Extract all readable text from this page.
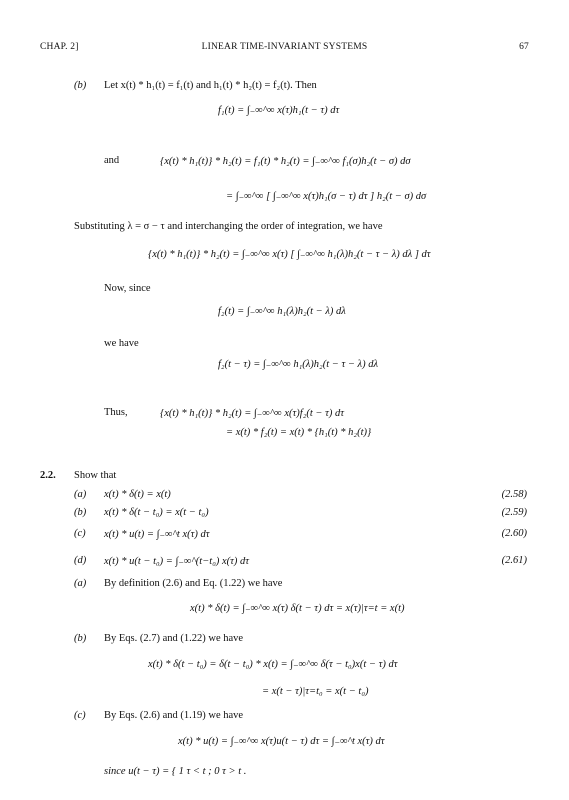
CHAP. 2]	LINEAR TIME-INVARIANT SYSTEMS	67
(b) Let x(t) * h₁(t) = f₁(t) and h₁(t) * h₂(t) = f₂(t). Then
f₁(t) = ∫₋∞^∞ x(τ)h₁(t − τ) dτ
and	{x(t) * h₁(t)} * h₂(t) = f₁(t) * h₂(t) = ∫₋∞^∞ f₁(σ)h₂(t − σ) dσ
= ∫₋∞^∞ [ ∫₋∞^∞ x(τ)h₁(σ − τ) dτ ] h₂(t − σ) dσ
Substituting λ = σ − τ and interchanging the order of integration, we have
{x(t) * h₁(t)} * h₂(t) = ∫₋∞^∞ x(τ) [ ∫₋∞^∞ h₁(λ)h₂(t − τ − λ) dλ ] dτ
Now, since
f₂(t) = ∫₋∞^∞ h₁(λ)h₂(t − λ) dλ
we have
f₂(t − τ) = ∫₋∞^∞ h₁(λ)h₂(t − τ − λ) dλ
Thus,	{x(t) * h₁(t)} * h₂(t) = ∫₋∞^∞ x(τ)f₂(t − τ) dτ
= x(t) * f₂(t) = x(t) * {h₁(t) * h₂(t)}
2.2. Show that
(a) x(t) * δ(t) = x(t)	(2.58)
(b) x(t) * δ(t − t₀) = x(t − t₀)	(2.59)
(c) x(t) * u(t) = ∫₋∞^t x(τ) dτ	(2.60)
(d) x(t) * u(t − t₀) = ∫₋∞^(t−t₀) x(τ) dτ	(2.61)
(a) By definition (2.6) and Eq. (1.22) we have
x(t) * δ(t) = ∫₋∞^∞ x(τ) δ(t − τ) dτ = x(τ)|τ=t = x(t)
(b) By Eqs. (2.7) and (1.22) we have
x(t) * δ(t − t₀) = δ(t − t₀) * x(t) = ∫₋∞^∞ δ(τ − t₀)x(t − τ) dτ
= x(t − τ)|τ=t₀ = x(t − t₀)
(c) By Eqs. (2.6) and (1.19) we have
x(t) * u(t) = ∫₋∞^∞ x(τ)u(t − τ) dτ = ∫₋∞^t x(τ) dτ
since u(t − τ) = { 1 τ < t ; 0 τ > t .
